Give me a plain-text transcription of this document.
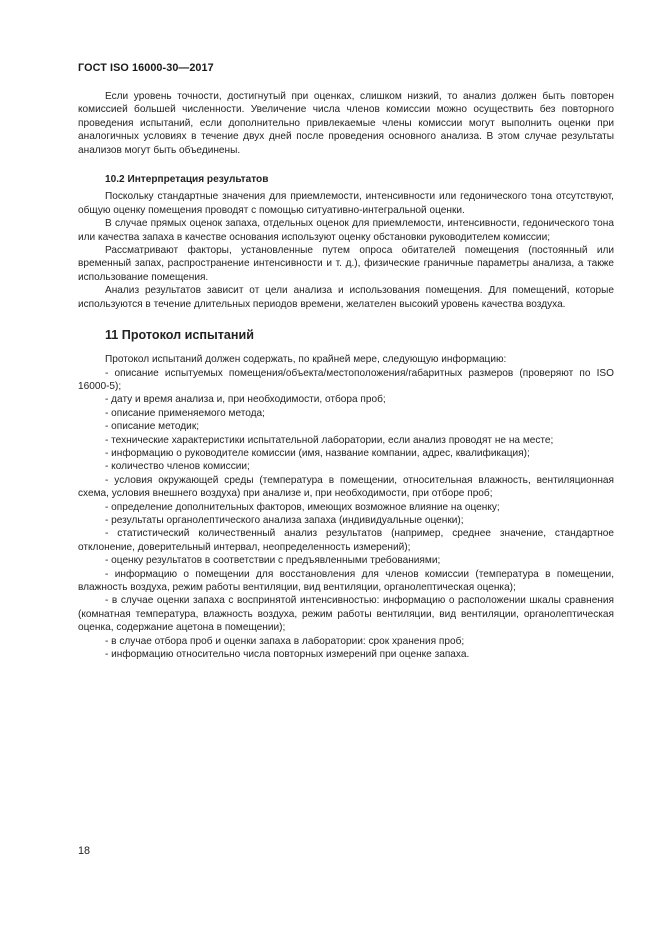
ГОСТ ISO 16000-30—2017

Если уровень точности, достигнутый при оценках, слишком низкий, то анализ должен быть повторен комиссией большей численности. Увеличение числа членов комиссии можно осуществить без повторного проведения испытаний, если дополнительно привлекаемые члены комиссии могут выполнить оценки при аналогичных условиях в течение двух дней после проведения основного анализа. В этом случае результаты анализов могут быть объединены.

10.2 Интерпретация результатов

Поскольку стандартные значения для приемлемости, интенсивности или гедонического тона отсутствуют, общую оценку помещения проводят с помощью ситуативно-интегральной оценки.

В случае прямых оценок запаха, отдельных оценок для приемлемости, интенсивности, гедонического тона или качества запаха в качестве основания используют оценку обстановки руководителем комиссии;

Рассматривают факторы, установленные путем опроса обитателей помещения (постоянный или временный запах, распространение интенсивности и т. д.), физические граничные параметры анализа, а также использование помещения.

Анализ результатов зависит от цели анализа и использования помещения. Для помещений, которые используются в течение длительных периодов времени, желателен высокий уровень качества воздуха.

11 Протокол испытаний

Протокол испытаний должен содержать, по крайней мере, следующую информацию:

- описание испытуемых помещения/объекта/местоположения/габаритных размеров (проверяют по ISO 16000-5);

- дату и время анализа и, при необходимости, отбора проб;

- описание применяемого метода;

- описание методик;

- технические характеристики испытательной лаборатории, если анализ проводят не на месте;

- информацию о руководителе комиссии (имя, название компании, адрес, квалификация);

- количество членов комиссии;

- условия окружающей среды (температура в помещении, относительная влажность, вентиляционная схема, условия внешнего воздуха) при анализе и, при необходимости, при отборе проб;

- определение дополнительных факторов, имеющих возможное влияние на оценку;

- результаты органолептического анализа запаха (индивидуальные оценки);

- статистический количественный анализ результатов (например, среднее значение, стандартное отклонение, доверительный интервал, неопределенность измерений);

- оценку результатов в соответствии с предъявленными требованиями;

- информацию о помещении для восстановления для членов комиссии (температура в помещении, влажность воздуха, режим работы вентиляции, вид вентиляции, органолептическая оценка);

- в случае оценки запаха с воспринятой интенсивностью: информацию о расположении шкалы сравнения (комнатная температура, влажность воздуха, режим работы вентиляции, вид вентиляции, органолептическая оценка, содержание ацетона в помещении);

- в случае отбора проб и оценки запаха в лаборатории: срок хранения проб;

- информацию относительно числа повторных измерений при оценке запаха.

18
